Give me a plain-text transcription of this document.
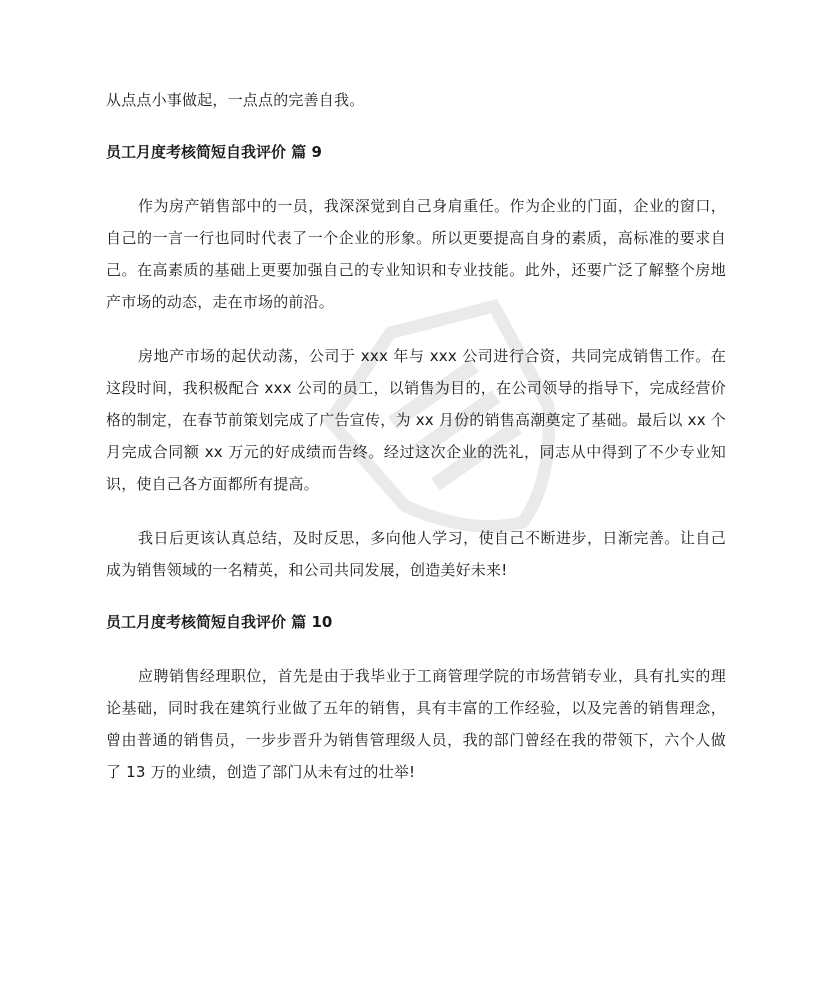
从点点小事做起，一点点的完善自我。

员工月度考核简短自我评价 篇 9

作为房产销售部中的一员，我深深觉到自己身肩重任。作为企业的门面，企业的窗口，自己的一言一行也同时代表了一个企业的形象。所以更要提高自身的素质，高标准的要求自己。在高素质的基础上更要加强自己的专业知识和专业技能。此外，还要广泛了解整个房地产市场的动态，走在市场的前沿。

房地产市场的起伏动荡，公司于 xxx 年与 xxx 公司进行合资，共同完成销售工作。在这段时间，我积极配合 xxx 公司的员工，以销售为目的，在公司领导的指导下，完成经营价格的制定，在春节前策划完成了广告宣传，为 xx 月份的销售高潮奠定了基础。最后以 xx 个月完成合同额 xx 万元的好成绩而告终。经过这次企业的洗礼，同志从中得到了不少专业知识，使自己各方面都所有提高。

我日后更该认真总结，及时反思，多向他人学习，使自己不断进步，日渐完善。让自己成为销售领域的一名精英，和公司共同发展，创造美好未来!

员工月度考核简短自我评价 篇 10

应聘销售经理职位，首先是由于我毕业于工商管理学院的市场营销专业，具有扎实的理论基础，同时我在建筑行业做了五年的销售，具有丰富的工作经验，以及完善的销售理念，曾由普通的销售员，一步步晋升为销售管理级人员，我的部门曾经在我的带领下，六个人做了 13 万的业绩，创造了部门从未有过的壮举!
